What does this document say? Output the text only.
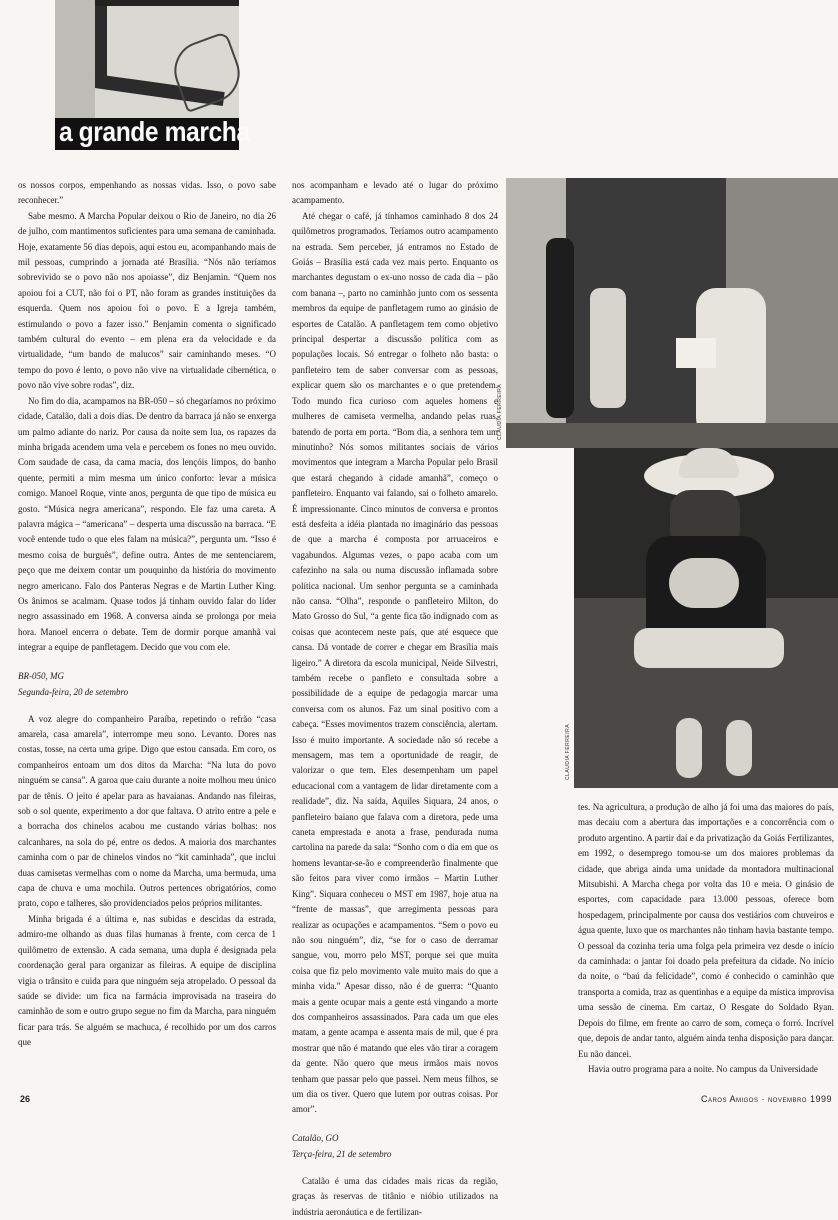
a grande marcha

os nossos corpos, empenhando as nossas vidas. Isso, o povo sabe reconhecer.”

Sabe mesmo. A Marcha Popular deixou o Rio de Janeiro, no dia 26 de julho, com mantimentos suficientes para uma semana de caminhada. Hoje, exatamente 56 dias depois, aqui estou eu, acompanhando mais de mil pessoas, cumprindo a jornada até Brasília. “Nós não teríamos sobrevivido se o povo não nos apoiasse”, diz Benjamin. “Quem nos apoiou foi a CUT, não foi o PT, não foram as grandes instituições da esquerda. Quem nos apoiou foi o povo. E a Igreja também, estimulando o povo a fazer isso.” Benjamin comenta o significado também cultural do evento – em plena era da velocidade e da virtualidade, “um bando de malucos” sair caminhando meses. “O tempo do povo é lento, o povo não vive na virtualidade cibernética, o povo não vive sobre rodas”, diz.

No fim do dia, acampamos na BR-050 – só chegaríamos no próximo cidade, Catalão, dali a dois dias. De dentro da barraca já não se enxerga um palmo adiante do nariz. Por causa da noite sem lua, os rapazes da minha brigada acendem uma vela e percebem os fones no meu ouvido. Com saudade de casa, da cama macia, dos lençóis limpos, do banho quente, permiti a mim mesma um único conforto: levar a música comigo. Manoel Roque, vinte anos, pergunta de que tipo de música eu gosto. “Música negra americana”, respondo. Ele faz uma careta. A palavra mágica – “americana” – desperta uma discussão na barraca. “E você entende tudo o que eles falam na música?”, pergunta um. “Isso é mesmo coisa de burguês”, define outra. Antes de me sentenciarem, peço que me deixem contar um pouquinho da história do movimento negro americano. Falo dos Panteras Negras e de Martin Luther King. Os ânimos se acalmam. Quase todos já tinham ouvido falar do líder negro assassinado em 1968. A conversa ainda se prolonga por meia hora. Manoel encerra o debate. Tem de dormir porque amanhã vai integrar a equipe de panfletagem. Decido que vou com ele.

BR-050, MG

Segunda-feira, 20 de setembro

A voz alegre do companheiro Paraíba, repetindo o refrão “casa amarela, casa amarela”, interrompe meu sono. Levanto. Dores nas costas, tosse, na certa uma gripe. Digo que estou cansada. Em coro, os companheiros entoam um dos ditos da Marcha: “Na luta do povo ninguém se cansa”. A garoa que caiu durante a noite molhou meu único par de tênis. O jeito é apelar para as havaianas. Andando nas fileiras, sob o sol quente, experimento a dor que faltava. O atrito entre a pele e a borracha dos chinelos acabou me custando várias bolhas: nos calcanhares, na sola do pé, entre os dedos. A maioria dos marchantes caminha com o par de chinelos vindos no “kit caminhada”, que inclui duas camisetas vermelhas com o nome da Marcha, uma bermuda, uma capa de chuva e uma mochila. Outros pertences obrigatórios, como prato, copo e talheres, são providenciados pelos próprios militantes.

Minha brigada é a última e, nas subidas e descidas da estrada, admiro-me olhando as duas filas humanas à frente, com cerca de 1 quilômetro de extensão. A cada semana, uma dupla é designada pela coordenação geral para organizar as fileiras. A equipe de disciplina vigia o trânsito e cuida para que ninguém seja atropelado. O pessoal da saúde se divide: um fica na farmácia improvisada na traseira do caminhão de som e outro grupo segue no fim da Marcha, para ninguém ficar para trás. Se alguém se machuca, é recolhido por um dos carros que

nos acompanham e levado até o lugar do próximo acampamento.

Até chegar o café, já tínhamos caminhado 8 dos 24 quilômetros programados. Teríamos outro acampamento na estrada. Sem perceber, já entramos no Estado de Goiás – Brasília está cada vez mais perto. Enquanto os marchantes degustam o ex-uno nosso de cada dia – pão com banana –, parto no caminhão junto com os sessenta membros da equipe de panfletagem rumo ao ginásio de esportes de Catalão. A panfletagem tem como objetivo principal despertar a discussão política com as populações locais. Só entregar o folheto não basta: o panfleteiro tem de saber conversar com as pessoas, explicar quem são os marchantes e o que pretendem. Todo mundo fica curioso com aqueles homens e mulheres de camiseta vermelha, andando pelas ruas, batendo de porta em porta. “Bom dia, a senhora tem um minutinho? Nós somos militantes sociais de vários movimentos que integram a Marcha Popular pelo Brasil que estará chegando à cidade amanhã”, começo o panfleteiro. Enquanto vai falando, sai o folheto amarelo. É impressionante. Cinco minutos de conversa e prontos está desfeita a idéia plantada no imaginário das pessoas de que a marcha é composta por arruaceiros e vagabundos. Algumas vezes, o papo acaba com um cafezinho na sala ou numa discussão inflamada sobre política nacional. Um senhor pergunta se a caminhada não cansa. “Olha”, responde o panfleteiro Milton, do Mato Grosso do Sul, “a gente fica tão indignado com as coisas que acontecem neste país, que até esquece que cansa. Dá vontade de correr e chegar em Brasília mais ligeiro.” A diretora da escola municipal, Neide Silvestri, também recebe o panfleto e consultada sobre a possibilidade de a equipe de pedagogia marcar uma conversa com os alunos. Faz um sinal positivo com a cabeça. “Esses movimentos trazem consciência, alertam. Isso é muito importante. A sociedade não só recebe a mensagem, mas tem a oportunidade de reagir, de valorizar o que tem. Eles desempenham um papel educacional com a vantagem de lidar diretamente com a realidade”, diz. Na saída, Aquiles Siquara, 24 anos, o panfleteiro baiano que falava com a diretora, pede uma caneta emprestada e anota a frase, pendurada numa cartolina na parede da sala: “Sonho com o dia em que os homens levantar-se-ão e compreenderão finalmente que são feitos para viver como irmãos – Martin Luther King”. Siquara conheceu o MST em 1987, hoje atua na “frente de massas”, que arregimenta pessoas para realizar as ocupações e acampamentos. “Sem o povo eu não sou ninguém”, diz, “se for o caso de derramar sangue, vou, morro pelo MST, porque sei que muita coisa que fiz pelo movimento vale muito mais do que a minha vida.” Apesar disso, não é de guerra: “Quanto mais a gente ocupar mais a gente está vingando a morte dos companheiros assassinados. Para cada um que eles matam, a gente acampa e assenta mais de mil, que é pra mostrar que não é matando que eles vão tirar a coragem da gente. Não quero que meus irmãos mais novos tenham que passar pelo que passei. Nem meus filhos, se um dia os tiver. Quero que lutem por outras coisas. Por amor”.

Catalão, GO

Terça-feira, 21 de setembro

Catalão é uma das cidades mais ricas da região, graças às reservas de titânio e nióbio utilizados na indústria aeronáutica e de fertilizan-

CLAUDIA FERREIRA
CLAUDIA FERREIRA

tes. Na agricultura, a produção de alho já foi uma das maiores do país, mas decaiu com a abertura das importações e a concorrência com o produto argentino. A partir daí e da privatização da Goiás Fertilizantes, em 1992, o desemprego tomou-se um dos maiores problemas da cidade, que abriga ainda uma unidade da montadora multinacional Mitsubishi. A Marcha chega por volta das 10 e meia. O ginásio de esportes, com capacidade para 13.000 pessoas, oferece bom hospedagem, principalmente por causa dos vestiários com chuveiros e água quente, luxo que os marchantes não tinham havia bastante tempo. O pessoal da cozinha teria uma folga pela primeira vez desde o início da caminhada: o jantar foi doado pela prefeitura da cidade. No início da noite, o “baú da felicidade”, como é conhecido o caminhão que transporta a comida, traz as quentinhas e a equipe da mística improvisa uma sessão de cinema. Em cartaz, O Resgate do Soldado Ryan. Depois do filme, em frente ao carro de som, começa o forró. Incrível que, depois de andar tanto, alguém ainda tenha disposição para dançar. Eu não dancei.

Havia outro programa para a noite. No campus da Universidade

26	Caros Amigos · novembro 1999
